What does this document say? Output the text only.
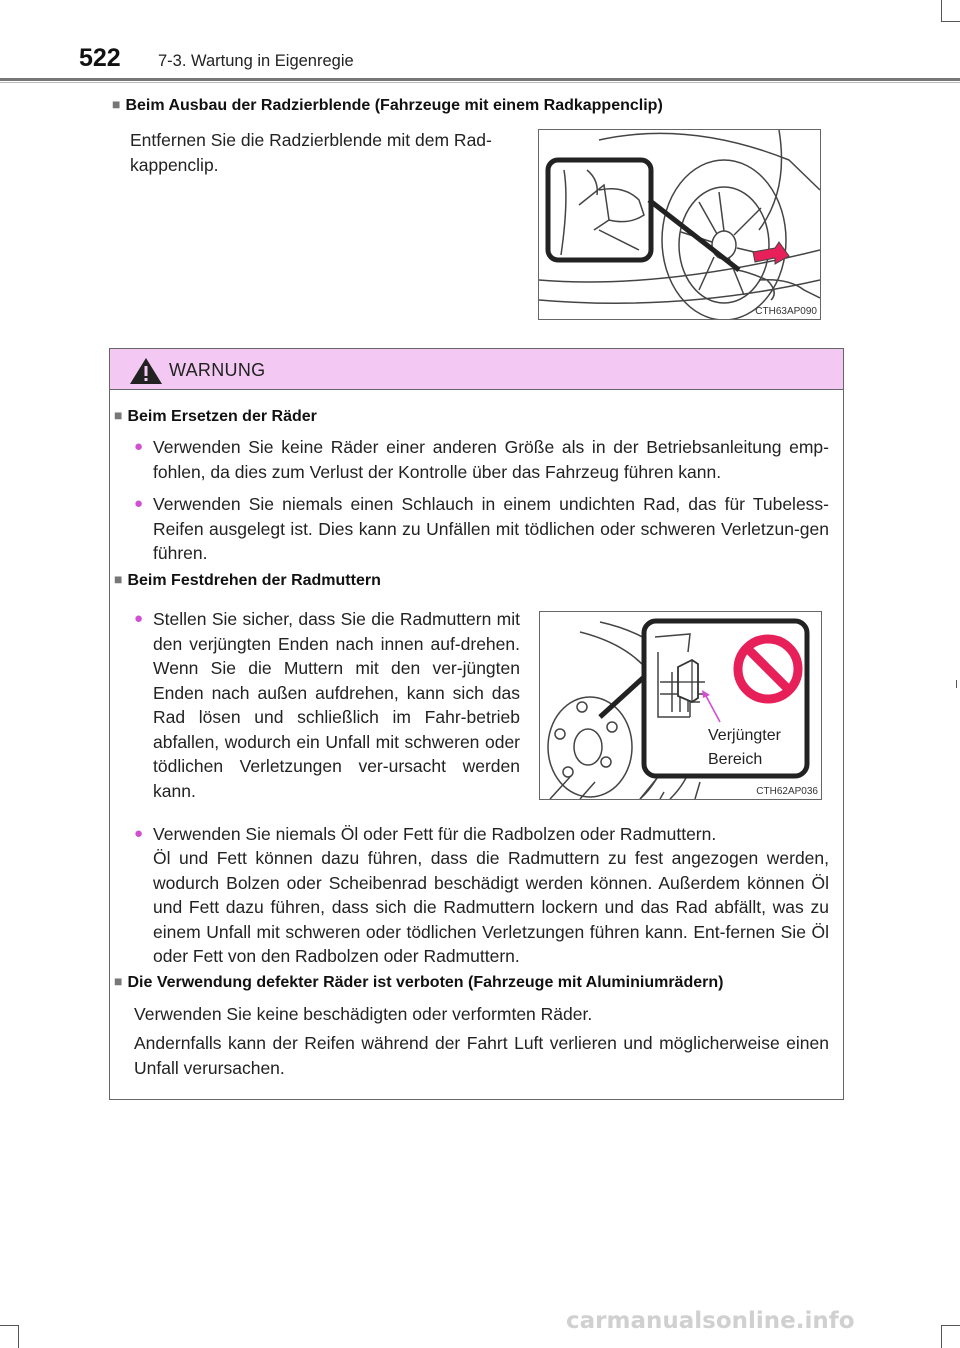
522 7-3. Wartung in Eigenregie
■ Beim Ausbau der Radzierblende (Fahrzeuge mit einem Radkappenclip)
Entfernen Sie die Radzierblende mit dem Rad-kappenclip.
CTH63AP090
WARNUNG
■ Beim Ersetzen der Räder
● Verwenden Sie keine Räder einer anderen Größe als in der Betriebsanleitung emp-fohlen, da dies zum Verlust der Kontrolle über das Fahrzeug führen kann.
● Verwenden Sie niemals einen Schlauch in einem undichten Rad, das für Tubeless-Reifen ausgelegt ist. Dies kann zu Unfällen mit tödlichen oder schweren Verletzun-gen führen.
■ Beim Festdrehen der Radmuttern
● Stellen Sie sicher, dass Sie die Radmuttern mit den verjüngten Enden nach innen auf-drehen. Wenn Sie die Muttern mit den ver-jüngten Enden nach außen aufdrehen, kann sich das Rad lösen und schließlich im Fahr-betrieb abfallen, wodurch ein Unfall mit schweren oder tödlichen Verletzungen ver-ursacht werden kann.
Verjüngter
Bereich
CTH62AP036
● Verwenden Sie niemals Öl oder Fett für die Radbolzen oder Radmuttern.
Öl und Fett können dazu führen, dass die Radmuttern zu fest angezogen werden, wodurch Bolzen oder Scheibenrad beschädigt werden können. Außerdem können Öl und Fett dazu führen, dass sich die Radmuttern lockern und das Rad abfällt, was zu einem Unfall mit schweren oder tödlichen Verletzungen führen kann. Ent-fernen Sie Öl oder Fett von den Radbolzen oder Radmuttern.
■ Die Verwendung defekter Räder ist verboten (Fahrzeuge mit Aluminiumrädern)
Verwenden Sie keine beschädigten oder verformten Räder.
Andernfalls kann der Reifen während der Fahrt Luft verlieren und möglicherweise einen Unfall verursachen.
carmanualsonline.info
